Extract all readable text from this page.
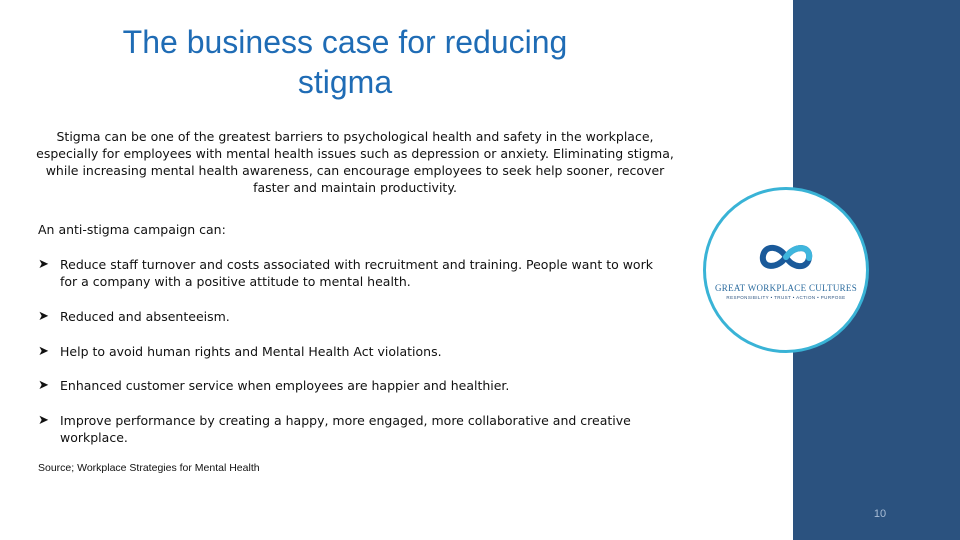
The business case for reducing stigma

Stigma can be one of the greatest barriers to psychological health and safety in the workplace, especially for employees with mental health issues such as depression or anxiety. Eliminating stigma, while increasing mental health awareness, can encourage employees to seek help sooner, recover faster and maintain productivity.

An anti-stigma campaign can:

➤ Reduce staff turnover and costs associated with recruitment and training. People want to work for a company with a positive attitude to mental health.
➤ Reduced and absenteeism.
➤ Help to avoid human rights and Mental Health Act violations.
➤ Enhanced customer service when employees are happier and healthier.
➤ Improve performance by creating a happy, more engaged, more collaborative and creative workplace.

Source; Workplace Strategies for Mental Health

GREAT WORKPLACE CULTURES
RESPONSIBILITY • TRUST • ACTION • PURPOSE
10
